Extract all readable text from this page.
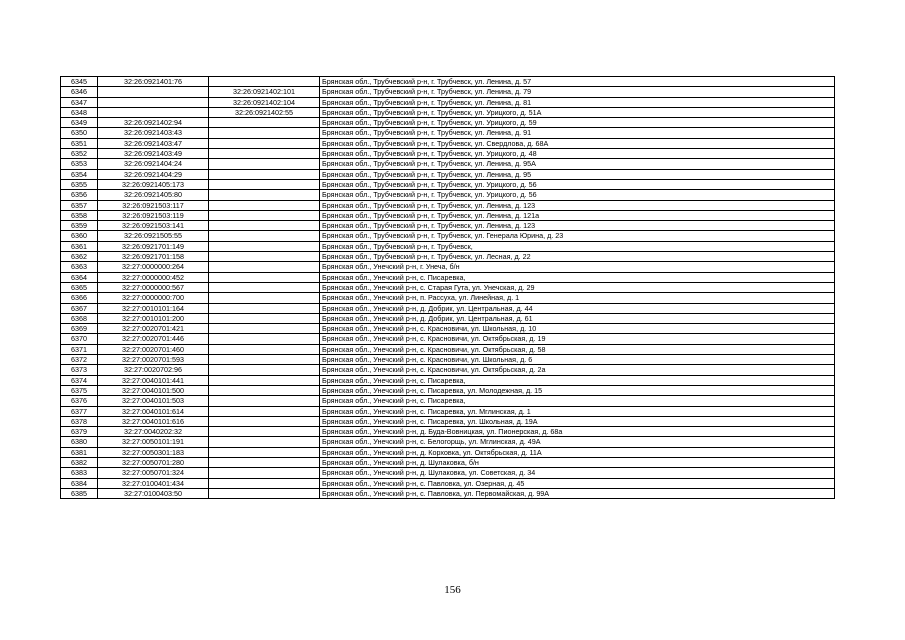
6345	32:26:0921401:76		Брянская обл., Трубчевский р-н, г. Трубчевск, ул. Ленина, д. 57
6346		32:26:0921402:101	Брянская обл., Трубчевский р-н, г. Трубчевск, ул. Ленина, д. 79
6347		32:26:0921402:104	Брянская обл., Трубчевский р-н, г. Трубчевск, ул. Ленина, д. 81
6348		32:26:0921402:55	Брянская обл., Трубчевский р-н, г. Трубчевск, ул. Урицкого, д. 51А
6349	32:26:0921402:94		Брянская обл., Трубчевский р-н, г. Трубчевск, ул. Урицкого, д. 59
6350	32:26:0921403:43		Брянская обл., Трубчевский р-н, г. Трубчевск, ул. Ленина, д. 91
6351	32:26:0921403:47		Брянская обл., Трубчевский р-н, г. Трубчевск, ул. Свердлова, д. 68А
6352	32:26:0921403:49		Брянская обл., Трубчевский р-н, г. Трубчевск, ул. Урицкого, д. 48
6353	32:26:0921404:24		Брянская обл., Трубчевский р-н, г. Трубчевск, ул. Ленина, д. 95А
6354	32:26:0921404:29		Брянская обл., Трубчевский р-н, г. Трубчевск, ул. Ленина, д. 95
6355	32:26:0921405:173		Брянская обл., Трубчевский р-н, г. Трубчевск, ул. Урицкого, д. 56
6356	32:26:0921405:80		Брянская обл., Трубчевский р-н, г. Трубчевск, ул. Урицкого, д. 56
6357	32:26:0921503:117		Брянская обл., Трубчевский р-н, г. Трубчевск, ул. Ленина, д. 123
6358	32:26:0921503:119		Брянская обл., Трубчевский р-н, г. Трубчевск, ул. Ленина, д. 121а
6359	32:26:0921503:141		Брянская обл., Трубчевский р-н, г. Трубчевск, ул. Ленина, д. 123
6360	32:26:0921505:55		Брянская обл., Трубчевский р-н, г. Трубчевск, ул. Генерала Юрина, д. 23
6361	32:26:0921701:149		Брянская обл., Трубчевский р-н, г. Трубчевск,
6362	32:26:0921701:158		Брянская обл., Трубчевский р-н, г. Трубчевск, ул. Лесная, д. 22
6363	32:27:0000000:264		Брянская обл., Унечский р-н, г. Унеча, б/н
6364	32:27:0000000:452		Брянская обл., Унечский р-н, с. Писаревка,
6365	32:27:0000000:567		Брянская обл., Унечский р-н, с. Старая Гута, ул. Унечская, д. 29
6366	32:27:0000000:700		Брянская обл., Унечский р-н, п. Рассуха, ул. Линейная, д. 1
6367	32:27:0010101:164		Брянская обл., Унечский р-н, д. Добрик, ул. Центральная, д. 44
6368	32:27:0010101:200		Брянская обл., Унечский р-н, д. Добрик, ул. Центральная, д. 61
6369	32:27:0020701:421		Брянская обл., Унечский р-н, с. Красновичи, ул. Школьная, д. 10
6370	32:27:0020701:446		Брянская обл., Унечский р-н, с. Красновичи, ул. Октябрьская, д. 19
6371	32:27:0020701:460		Брянская обл., Унечский р-н, с. Красновичи, ул. Октябрьская, д. 58
6372	32:27:0020701:593		Брянская обл., Унечский р-н, с. Красновичи, ул. Школьная, д. 6
6373	32:27:0020702:96		Брянская обл., Унечский р-н, с. Красновичи, ул. Октябрьская, д. 2а
6374	32:27:0040101:441		Брянская обл., Унечский р-н, с. Писаревка,
6375	32:27:0040101:500		Брянская обл., Унечский р-н, с. Писаревка, ул. Молодежная, д. 15
6376	32:27:0040101:503		Брянская обл., Унечский р-н, с. Писаревка,
6377	32:27:0040101:614		Брянская обл., Унечский р-н, с. Писаревка, ул. Мглинская, д. 1
6378	32:27:0040101:616		Брянская обл., Унечский р-н, с. Писаревка, ул. Школьная, д. 19А
6379	32:27:0040202:32		Брянская обл., Унечский р-н, д. Буда-Вовницкая, ул. Пионерская, д. 68а
6380	32:27:0050101:191		Брянская обл., Унечский р-н, с. Белогорщь, ул. Мглинская, д. 49А
6381	32:27:0050301:183		Брянская обл., Унечский р-н, д. Корховка, ул. Октябрьская, д. 11А
6382	32:27:0050701:280		Брянская обл., Унечский р-н, д. Шулаковка, б/н
6383	32:27:0050701:324		Брянская обл., Унечский р-н, д. Шулаковка, ул. Советская, д. 34
6384	32:27:0100401:434		Брянская обл., Унечский р-н, с. Павловка, ул. Озерная, д. 45
6385	32:27:0100403:50		Брянская обл., Унечский р-н, с. Павловка, ул. Первомайская, д. 99А
156
